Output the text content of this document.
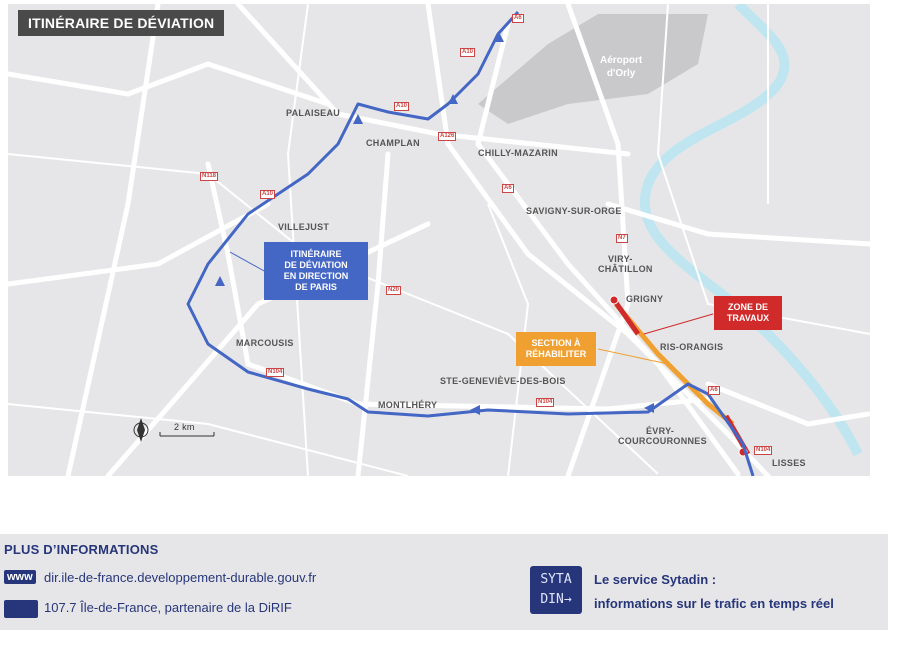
ITINÉRAIRE DE DÉVIATION
Aéroport
d'Orly
PALAISEAU
CHAMPLAN
CHILLY-MAZARIN
SAVIGNY-SUR-ORGE
VILLEJUST
VIRY-
CHÂTILLON
GRIGNY
RIS-ORANGIS
MARCOUSIS
STE-GENEVIÈVE-DES-BOIS
MONTLHÉRY
ÉVRY-
COURCOURONNES
LISSES
A6
A10
A10
A126
A6
N118
A10
N20
N104
N104
N104
N7
A6
ITINÉRAIRE
DE DÉVIATION
EN DIRECTION
DE PARIS
ZONE DE
TRAVAUX
SECTION À
RÉHABILITER
2 km
PLUS D’INFORMATIONS
www dir.ile-de-france.developpement-durable.gouv.fr
107.7 Île-de-France, partenaire de la DiRIF
SYTA
DIN→
Le service Sytadin :
informations sur le trafic en temps réel
